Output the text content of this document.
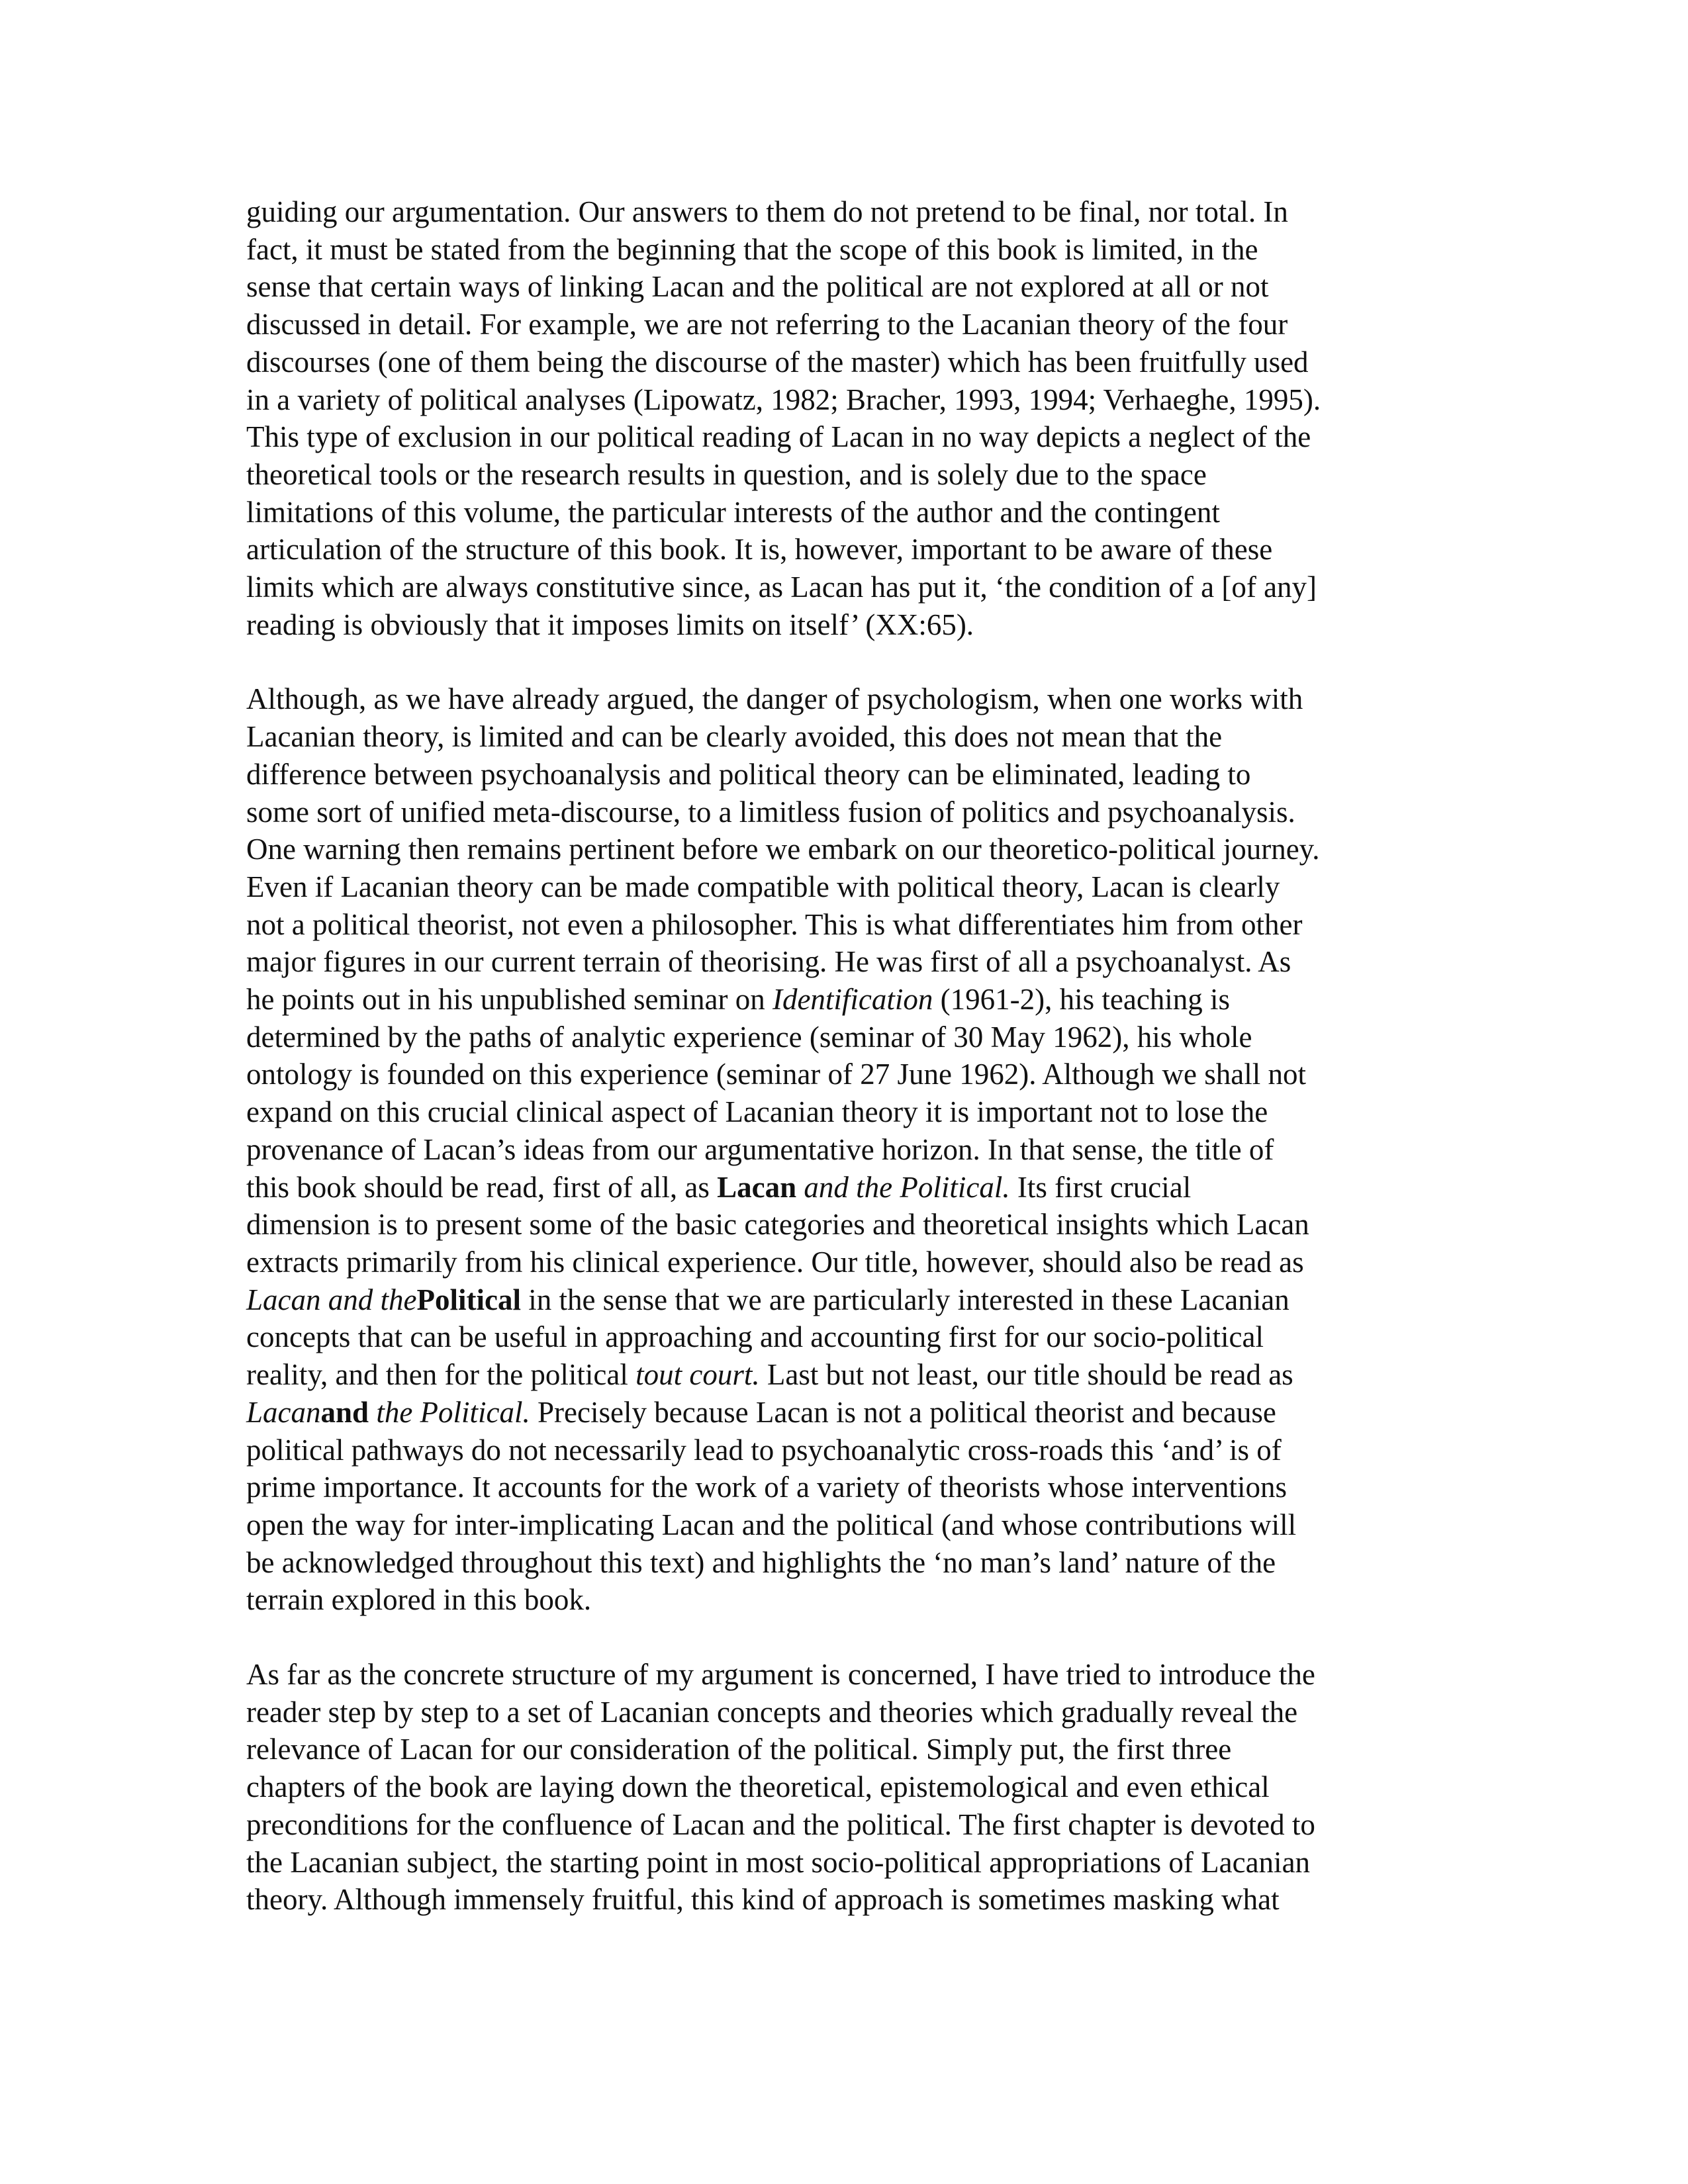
guiding our argumentation. Our answers to them do not pretend to be final, nor total. In
fact, it must be stated from the beginning that the scope of this book is limited, in the
sense that certain ways of linking Lacan and the political are not explored at all or not
discussed in detail. For example, we are not referring to the Lacanian theory of the four
discourses (one of them being the discourse of the master) which has been fruitfully used
in a variety of political analyses (Lipowatz, 1982; Bracher, 1993, 1994; Verhaeghe, 1995).
This type of exclusion in our political reading of Lacan in no way depicts a neglect of the
theoretical tools or the research results in question, and is solely due to the space
limitations of this volume, the particular interests of the author and the contingent
articulation of the structure of this book. It is, however, important to be aware of these
limits which are always constitutive since, as Lacan has put it, ‘the condition of a [of any]
reading is obviously that it imposes limits on itself’ (XX:65).

Although, as we have already argued, the danger of psychologism, when one works with
Lacanian theory, is limited and can be clearly avoided, this does not mean that the
difference between psychoanalysis and political theory can be eliminated, leading to
some sort of unified meta-discourse, to a limitless fusion of politics and psychoanalysis.
One warning then remains pertinent before we embark on our theoretico-political journey.
Even if Lacanian theory can be made compatible with political theory, Lacan is clearly
not a political theorist, not even a philosopher. This is what differentiates him from other
major figures in our current terrain of theorising. He was first of all a psychoanalyst. As
he points out in his unpublished seminar on Identification (1961-2), his teaching is
determined by the paths of analytic experience (seminar of 30 May 1962), his whole
ontology is founded on this experience (seminar of 27 June 1962). Although we shall not
expand on this crucial clinical aspect of Lacanian theory it is important not to lose the
provenance of Lacan’s ideas from our argumentative horizon. In that sense, the title of
this book should be read, first of all, as Lacan and the Political. Its first crucial
dimension is to present some of the basic categories and theoretical insights which Lacan
extracts primarily from his clinical experience. Our title, however, should also be read as
Lacan and thePolitical in the sense that we are particularly interested in these Lacanian
concepts that can be useful in approaching and accounting first for our socio-political
reality, and then for the political tout court. Last but not least, our title should be read as
Lacanand the Political. Precisely because Lacan is not a political theorist and because
political pathways do not necessarily lead to psychoanalytic cross-roads this ‘and’ is of
prime importance. It accounts for the work of a variety of theorists whose interventions
open the way for inter-implicating Lacan and the political (and whose contributions will
be acknowledged throughout this text) and highlights the ‘no man’s land’ nature of the
terrain explored in this book.

As far as the concrete structure of my argument is concerned, I have tried to introduce the
reader step by step to a set of Lacanian concepts and theories which gradually reveal the
relevance of Lacan for our consideration of the political. Simply put, the first three
chapters of the book are laying down the theoretical, epistemological and even ethical
preconditions for the confluence of Lacan and the political. The first chapter is devoted to
the Lacanian subject, the starting point in most socio-political appropriations of Lacanian
theory. Although immensely fruitful, this kind of approach is sometimes masking what
